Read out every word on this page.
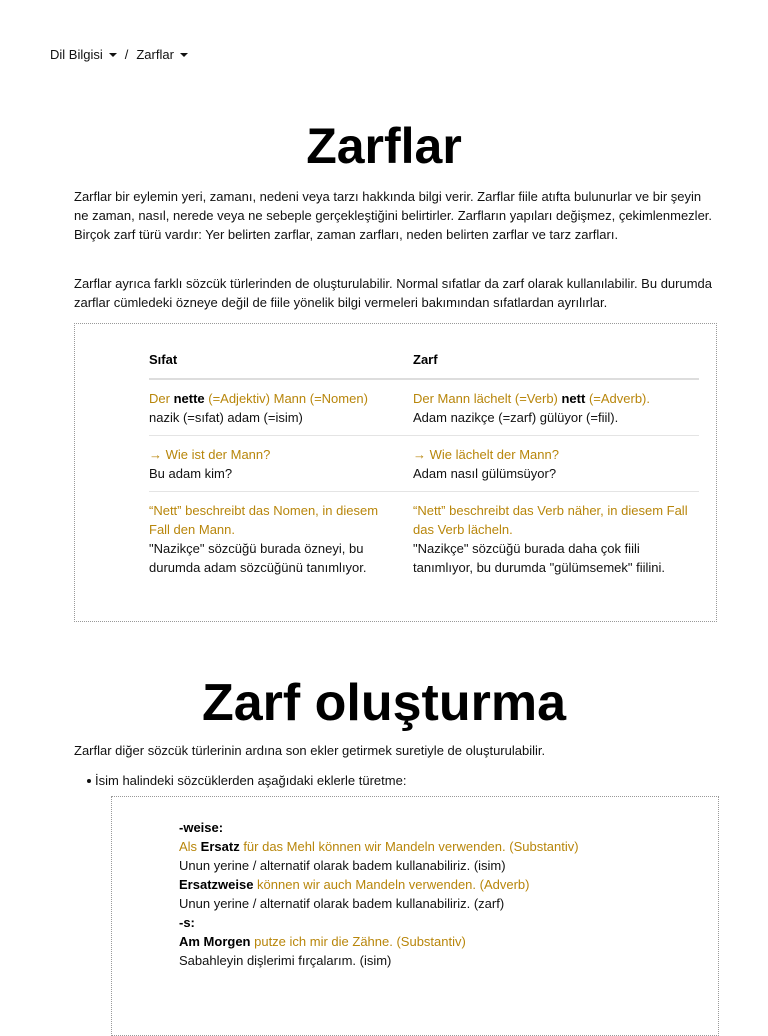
Dil Bilgisi / Zarflar
Zarflar

Zarflar bir eylemin yeri, zamanı, nedeni veya tarzı hakkında bilgi verir. Zarflar fiile atıfta bulunurlar ve bir şeyin ne zaman, nasıl, nerede veya ne sebeple gerçekleştiğini belirtirler. Zarfların yapıları değişmez, çekimlenmezler. Birçok zarf türü vardır: Yer belirten zarflar, zaman zarfları, neden belirten zarflar ve tarz zarfları.

Zarflar ayrıca farklı sözcük türlerinden de oluşturulabilir. Normal sıfatlar da zarf olarak kullanılabilir. Bu durumda zarflar cümledeki özneye değil de fiile yönelik bilgi vermeleri bakımından sıfatlardan ayrılırlar.

Sıfat	Zarf
Der nette (=Adjektiv) Mann (=Nomen)
nazik (=sıfat) adam (=isim)
Der Mann lächelt (=Verb) nett (=Adverb).
Adam nazikçe (=zarf) gülüyor (=fiil).
→ Wie ist der Mann?
Bu adam kim?
→ Wie lächelt der Mann?
Adam nasıl gülümsüyor?
“Nett” beschreibt das Nomen, in diesem
Fall den Mann.
"Nazikçe" sözcüğü burada özneyi, bu
durumda adam sözcüğünü tanımlıyor.
“Nett” beschreibt das Verb näher, in diesem Fall
das Verb lächeln.
"Nazikçe" sözcüğü burada daha çok fiili
tanımlıyor, bu durumda "gülümsemek" fiilini.
Zarf oluşturma

Zarflar diğer sözcük türlerinin ardına son ekler getirmek suretiyle de oluşturulabilir.

İsim halindeki sözcüklerden aşağıdaki eklerle türetme:
-weise:
Als Ersatz für das Mehl können wir Mandeln verwenden. (Substantiv)
Unun yerine / alternatif olarak badem kullanabiliriz. (isim)
Ersatzweise können wir auch Mandeln verwenden. (Adverb)
Unun yerine / alternatif olarak badem kullanabiliriz. (zarf)
-s:
Am Morgen putze ich mir die Zähne. (Substantiv)
Sabahleyin dişlerimi fırçalarım. (isim)
